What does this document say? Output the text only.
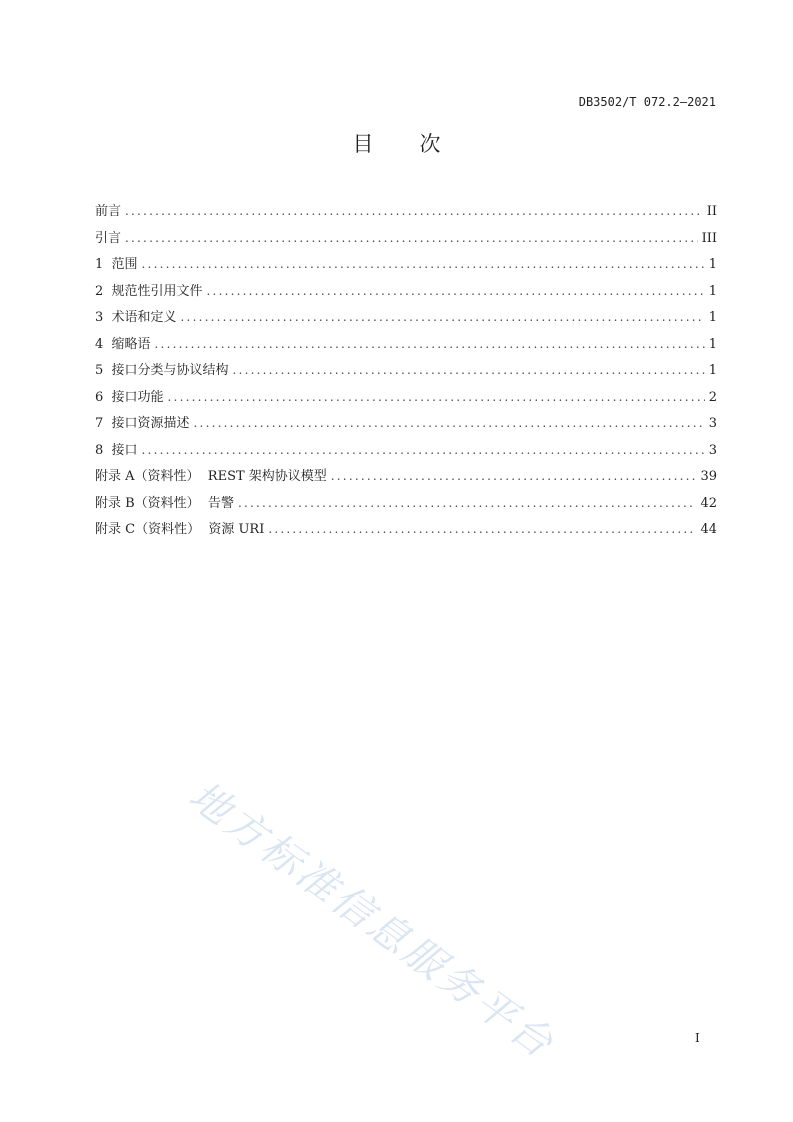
DB3502/T 072.2—2021
目 次
前言 .....	II
引言 .....	III
1  范围 .....	1
2  规范性引用文件 .....	1
3  术语和定义 .....	1
4  缩略语 .....	1
5  接口分类与协议结构 .....	1
6  接口功能 .....	2
7  接口资源描述 .....	3
8  接口 .....	3
附录 A（资料性）  REST 架构协议模型 .....	39
附录 B（资料性）  告警 .....	42
附录 C（资料性）  资源 URI .....	44
地方标准信息服务平台	I
